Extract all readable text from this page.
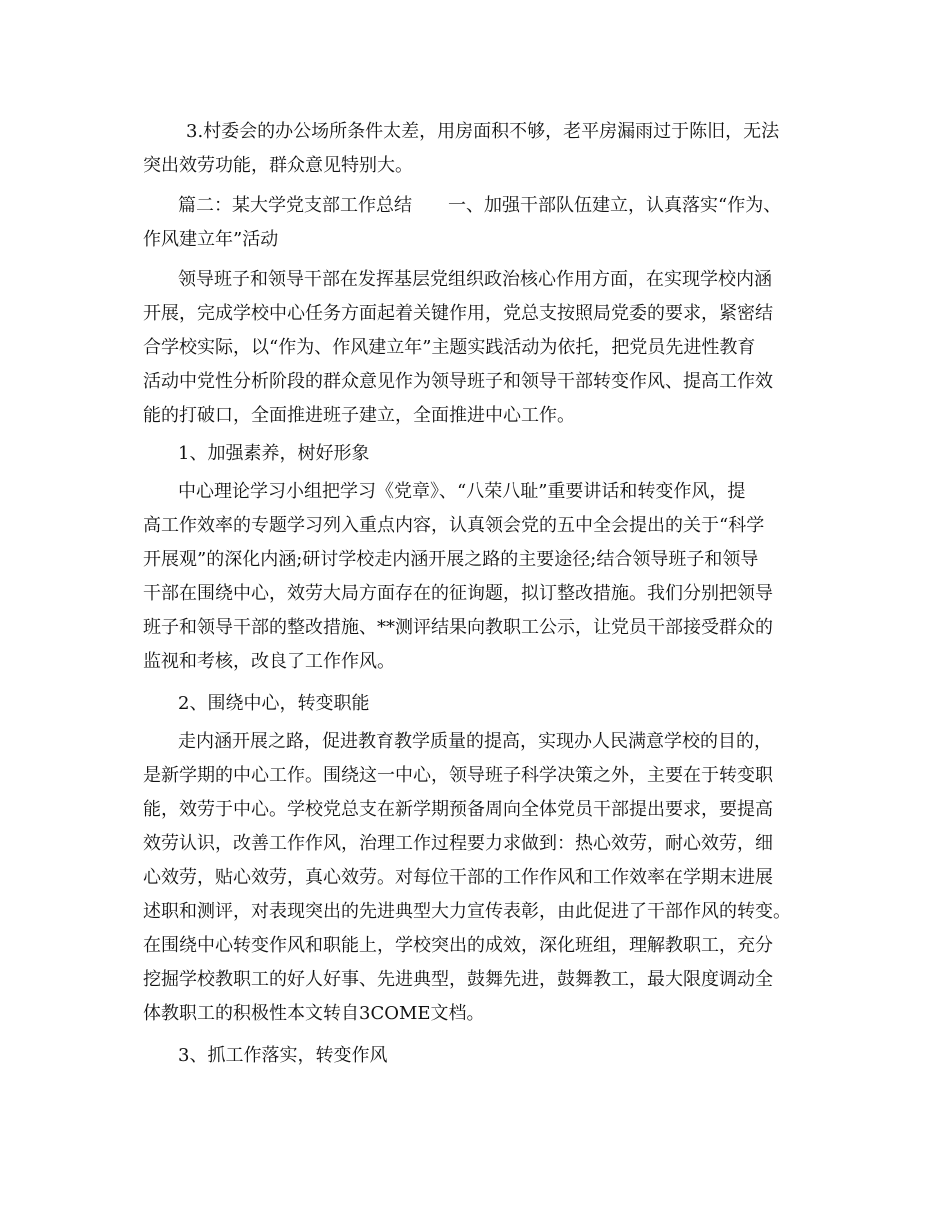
3.村委会的办公场所条件太差，用房面积不够，老平房漏雨过于陈旧，无法
突出效劳功能，群众意见特别大。
篇二：某大学党支部工作总结　　一、加强干部队伍建立，认真落实“作为、
作风建立年”活动
领导班子和领导干部在发挥基层党组织政治核心作用方面，在实现学校内涵
开展，完成学校中心任务方面起着关键作用，党总支按照局党委的要求，紧密结
合学校实际，以“作为、作风建立年”主题实践活动为依托，把党员先进性教育
活动中党性分析阶段的群众意见作为领导班子和领导干部转变作风、提高工作效
能的打破口，全面推进班子建立，全面推进中心工作。
1、加强素养，树好形象
中心理论学习小组把学习《党章》、“八荣八耻”重要讲话和转变作风，提
高工作效率的专题学习列入重点内容，认真领会党的五中全会提出的关于“科学
开展观”的深化内涵;研讨学校走内涵开展之路的主要途径;结合领导班子和领导
干部在围绕中心，效劳大局方面存在的征询题，拟订整改措施。我们分别把领导
班子和领导干部的整改措施、**测评结果向教职工公示，让党员干部接受群众的
监视和考核，改良了工作作风。
2、围绕中心，转变职能
走内涵开展之路，促进教育教学质量的提高，实现办人民满意学校的目的，
是新学期的中心工作。围绕这一中心，领导班子科学决策之外，主要在于转变职
能，效劳于中心。学校党总支在新学期预备周向全体党员干部提出要求，要提高
效劳认识，改善工作作风，治理工作过程要力求做到：热心效劳，耐心效劳，细
心效劳，贴心效劳，真心效劳。对每位干部的工作作风和工作效率在学期末进展
述职和测评，对表现突出的先进典型大力宣传表彰，由此促进了干部作风的转变。
在围绕中心转变作风和职能上，学校突出的成效，深化班组，理解教职工，充分
挖掘学校教职工的好人好事、先进典型，鼓舞先进，鼓舞教工，最大限度调动全
体教职工的积极性本文转自3COME文档。
3、抓工作落实，转变作风
